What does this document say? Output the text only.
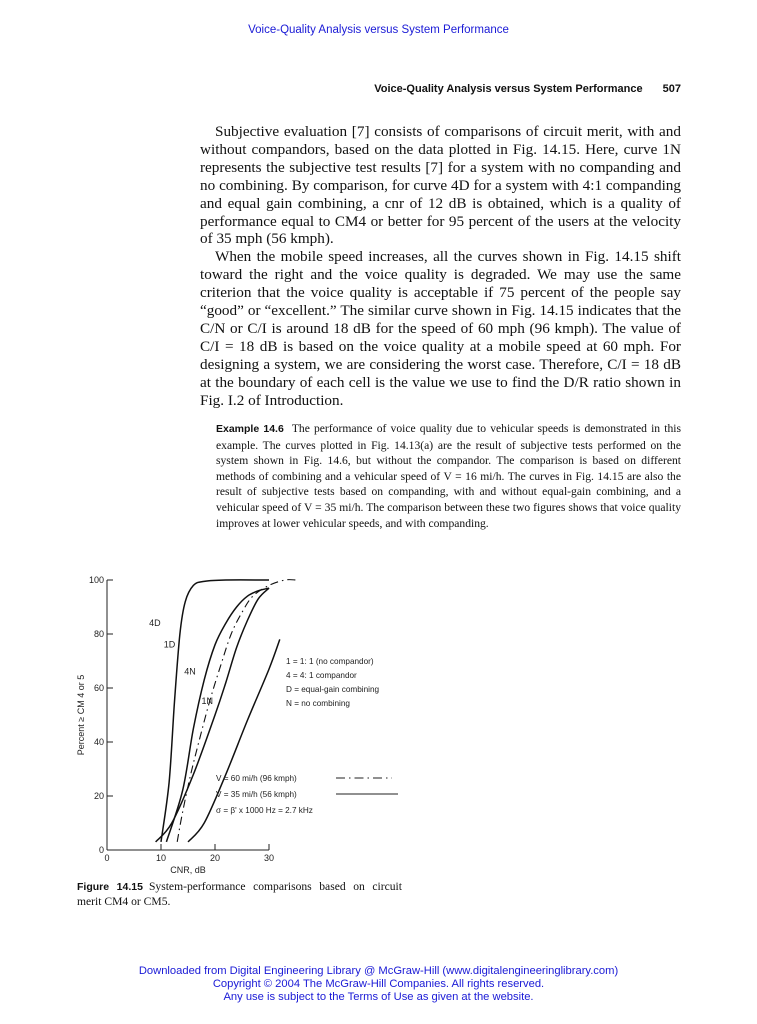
Voice-Quality Analysis versus System Performance
Voice-Quality Analysis versus System Performance 507

Subjective evaluation [7] consists of comparisons of circuit merit, with and without compandors, based on the data plotted in Fig. 14.15. Here, curve 1N represents the subjective test results [7] for a system with no companding and no combining. By comparison, for curve 4D for a system with 4:1 companding and equal gain combining, a cnr of 12 dB is obtained, which is a quality of performance equal to CM4 or better for 95 percent of the users at the velocity of 35 mph (56 kmph).

When the mobile speed increases, all the curves shown in Fig. 14.15 shift toward the right and the voice quality is degraded. We may use the same criterion that the voice quality is acceptable if 75 percent of the people say “good” or “excellent.” The similar curve shown in Fig. 14.15 indicates that the C/N or C/I is around 18 dB for the speed of 60 mph (96 kmph). The value of C/I = 18 dB is based on the voice quality at a mobile speed at 60 mph. For designing a system, we are considering the worst case. Therefore, C/I = 18 dB at the boundary of each cell is the value we use to find the D/R ratio shown in Fig. I.2 of Introduction.

Example 14.6 The performance of voice quality due to vehicular speeds is demonstrated in this example. The curves plotted in Fig. 14.13(a) are the result of subjective tests performed on the system shown in Fig. 14.6, but without the compandor. The comparison is based on different methods of combining and a vehicular speed of V = 16 mi/h. The curves in Fig. 14.15 are also the result of subjective tests based on companding, with and without equal-gain combining, and a vehicular speed of V = 35 mi/h. The comparison between these two figures shows that voice quality improves at lower vehicular speeds, and with companding.
0
20
40
60
80
100
0	10	20	30
CNR, dB
Percent ≥ CM 4 or 5
4D
1D
4N
1N
1 = 1: 1 (no compandor)
4 = 4: 1 compandor
D = equal-gain combining
N = no combining
V = 60 mi/h (96 kmph)
V = 35 mi/h (56 kmph)
σ = β' x 1000 Hz = 2.7 kHz
Figure 14.15 System-performance comparisons based on circuit merit CM4 or CM5.
Downloaded from Digital Engineering Library @ McGraw-Hill (www.digitalengineeringlibrary.com)
Copyright © 2004 The McGraw-Hill Companies. All rights reserved.
Any use is subject to the Terms of Use as given at the website.
